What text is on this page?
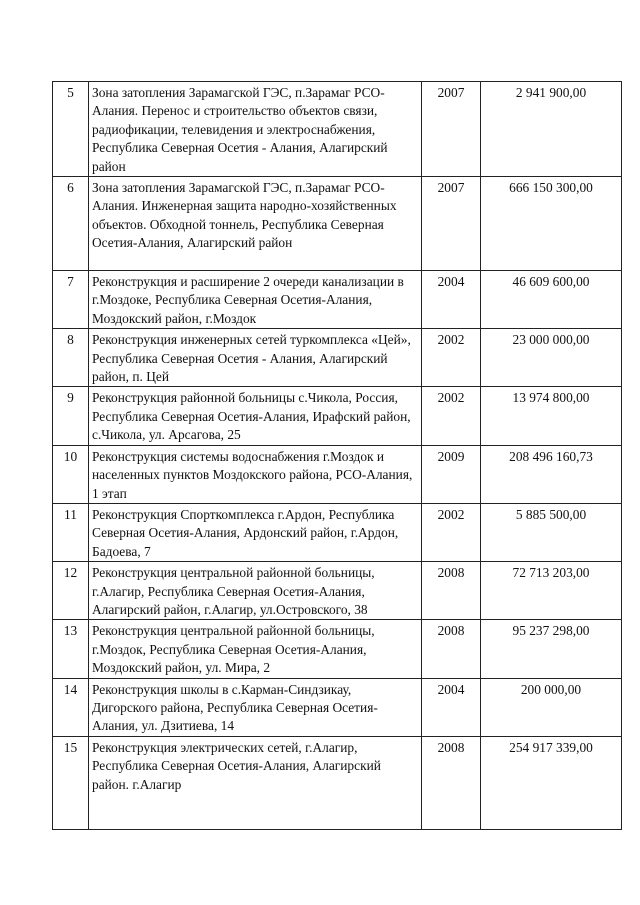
5	Зона затопления Зарамагской ГЭС, п.Зарамаг РСО-Алания. Перенос и строительство объектов связи, радиофикации, телевидения и электроснабжения, Республика Северная Осетия - Алания, Алагирский район	2007	2 941 900,00
6	Зона затопления Зарамагской ГЭС, п.Зарамаг РСО-Алания. Инженерная защита народно-хозяйственных объектов. Обходной тоннель, Республика Северная Осетия-Алания, Алагирский район	2007	666 150 300,00
7	Реконструкция и расширение 2 очереди канализации в г.Моздоке, Республика Северная Осетия-Алания, Моздокский район, г.Моздок	2004	46 609 600,00
8	Реконструкция инженерных сетей туркомплекса «Цей», Республика Северная Осетия - Алания, Алагирский район, п. Цей	2002	23 000 000,00
9	Реконструкция районной больницы с.Чикола, Россия, Республика Северная Осетия-Алания, Ирафский район, с.Чикола, ул. Арсагова, 25	2002	13 974 800,00
10	Реконструкция системы водоснабжения г.Моздок и населенных пунктов Моздокского района, РСО-Алания, 1 этап	2009	208 496 160,73
11	Реконструкция Спорткомплекса г.Ардон, Республика Северная Осетия-Алания, Ардонский район, г.Ардон, Бадоева, 7	2002	5 885 500,00
12	Реконструкция центральной районной больницы, г.Алагир, Республика Северная Осетия-Алания, Алагирский район, г.Алагир, ул.Островского, 38	2008	72 713 203,00
13	Реконструкция центральной районной больницы, г.Моздок, Республика Северная Осетия-Алания, Моздокский район, ул. Мира, 2	2008	95 237 298,00
14	Реконструкция школы в с.Карман-Синдзикау, Дигорского района, Республика Северная Осетия-Алания, ул. Дзитиева, 14	2004	200 000,00
15	Реконструкция электрических сетей, г.Алагир, Республика Северная Осетия-Алания, Алагирский район. г.Алагир	2008	254 917 339,00
